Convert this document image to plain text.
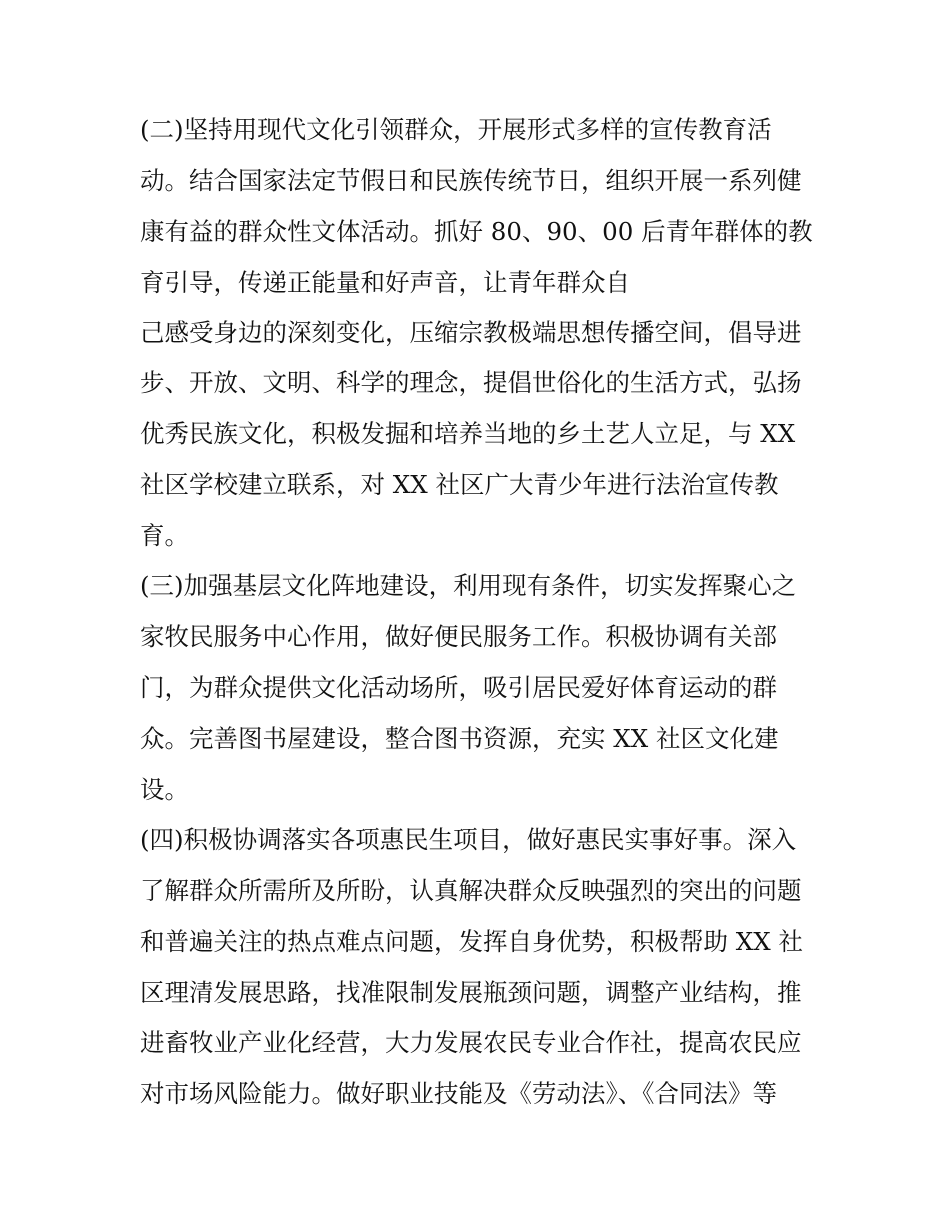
(二)坚持用现代文化引领群众，开展形式多样的宣传教育活
动。结合国家法定节假日和民族传统节日，组织开展一系列健
康有益的群众性文体活动。抓好 80、90、00 后青年群体的教
育引导，传递正能量和好声音，让青年群众自
己感受身边的深刻变化，压缩宗教极端思想传播空间，倡导进
步、开放、文明、科学的理念，提倡世俗化的生活方式，弘扬
优秀民族文化，积极发掘和培养当地的乡土艺人立足，与 XX
社区学校建立联系，对 XX 社区广大青少年进行法治宣传教
育。
(三)加强基层文化阵地建设，利用现有条件，切实发挥聚心之
家牧民服务中心作用，做好便民服务工作。积极协调有关部
门，为群众提供文化活动场所，吸引居民爱好体育运动的群
众。完善图书屋建设，整合图书资源，充实 XX 社区文化建
设。
(四)积极协调落实各项惠民生项目，做好惠民实事好事。深入
了解群众所需所及所盼，认真解决群众反映强烈的突出的问题
和普遍关注的热点难点问题，发挥自身优势，积极帮助 XX 社
区理清发展思路，找准限制发展瓶颈问题，调整产业结构，推
进畜牧业产业化经营，大力发展农民专业合作社，提高农民应
对市场风险能力。做好职业技能及《劳动法》、《合同法》等
